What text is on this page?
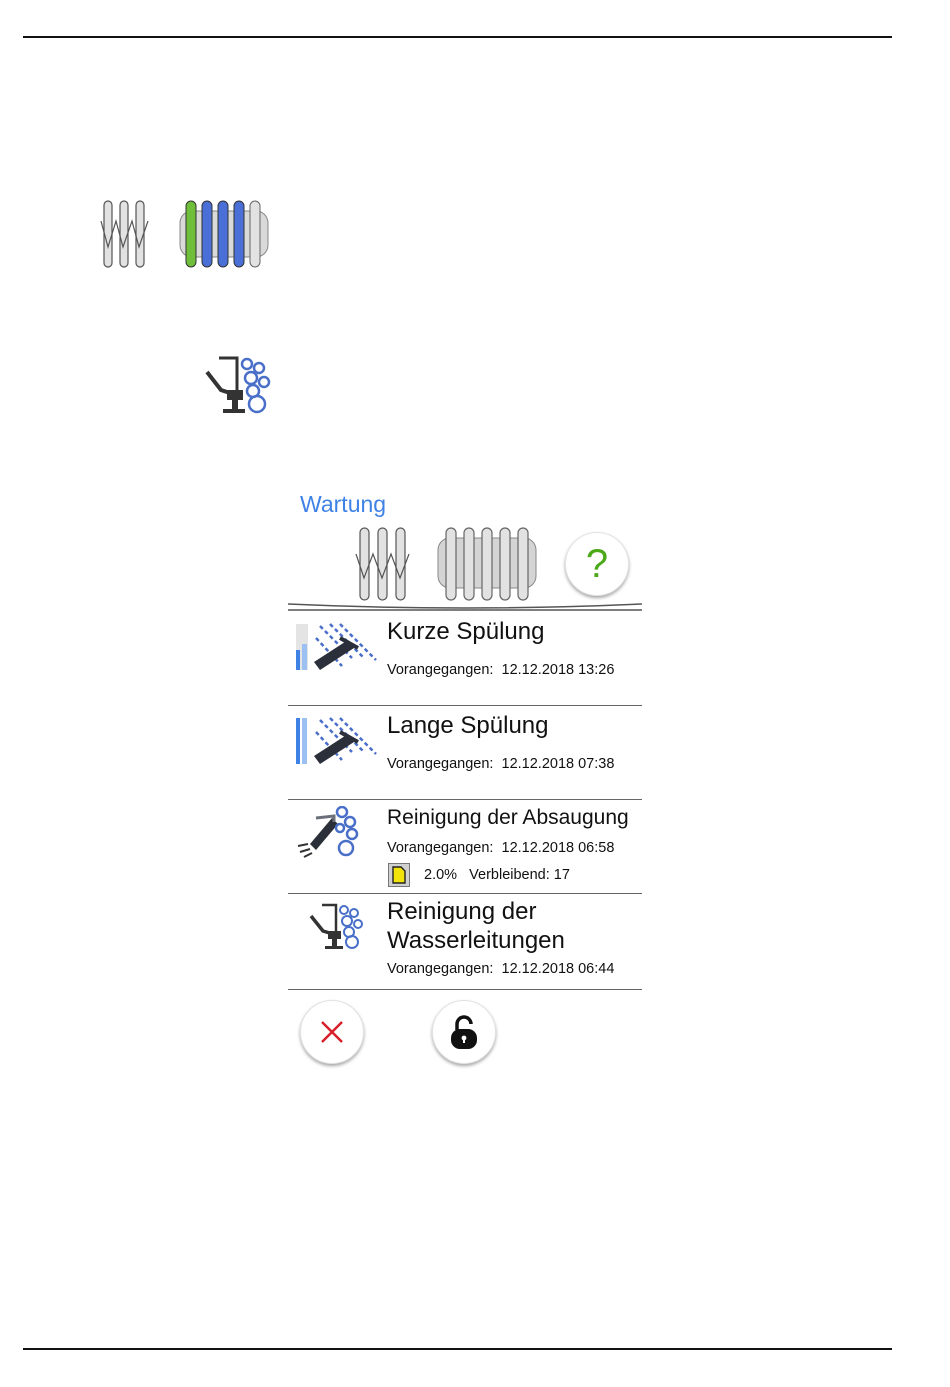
Wartung
?
Kurze Spülung
Vorangegangen: 12.12.2018 13:26
Lange Spülung
Vorangegangen: 12.12.2018 07:38
Reinigung der Absaugung
Vorangegangen: 12.12.2018 06:58
2.0% Verbleibend: 17
Reinigung der
Wasserleitungen
Vorangegangen: 12.12.2018 06:44
